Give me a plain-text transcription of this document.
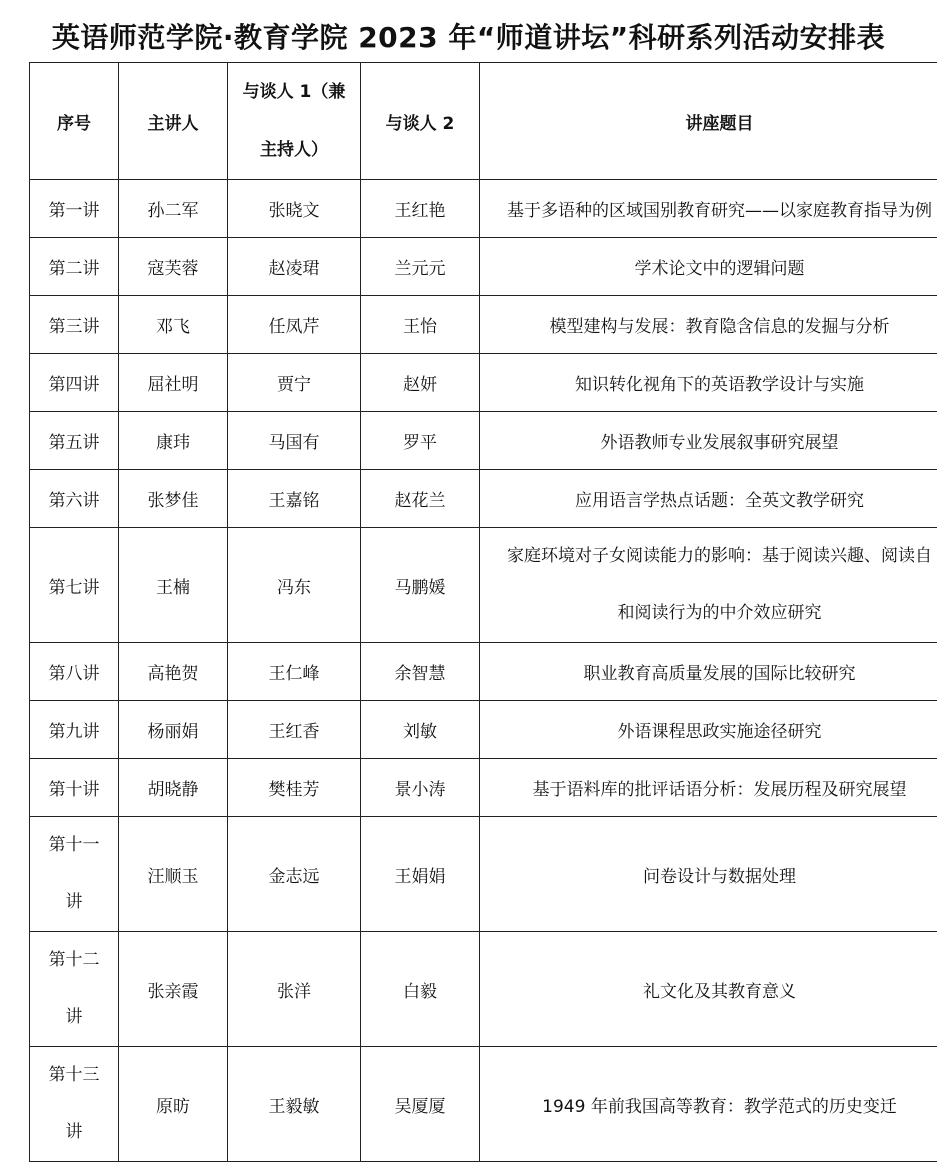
英语师范学院·教育学院 2023 年“师道讲坛”科研系列活动安排表
序号	主讲人	与谈人 1（兼
主持人）	与谈人 2	讲座题目
第一讲	孙二军	张晓文	王红艳	基于多语种的区域国别教育研究——以家庭教育指导为例

第二讲	寇芙蓉	赵凌珺	兰元元	学术论文中的逻辑问题
第三讲	邓飞	任凤芹	王怡	模型建构与发展：教育隐含信息的发掘与分析
第四讲	屈社明	贾宁	赵妍	知识转化视角下的英语教学设计与实施
第五讲	康玮	马国有	罗平	外语教师专业发展叙事研究展望
第六讲	张梦佳	王嘉铭	赵花兰	应用语言学热点话题：全英文教学研究
第七讲	王楠	冯东	马鹏媛	家庭环境对子女阅读能力的影响：基于阅读兴趣、阅读自
和阅读行为的中介效应研究

第八讲	高艳贺	王仁峰	余智慧	职业教育高质量发展的国际比较研究
第九讲	杨丽娟	王红香	刘敏	外语课程思政实施途径研究
第十讲	胡晓静	樊桂芳	景小涛	基于语料库的批评话语分析：发展历程及研究展望

第十一
讲	汪顺玉	金志远	王娟娟	问卷设计与数据处理

第十二
讲	张亲霞	张洋	白毅	礼文化及其教育意义

第十三
讲	原昉	王毅敏	吴厦厦	1949 年前我国高等教育：教学范式的历史变迁
